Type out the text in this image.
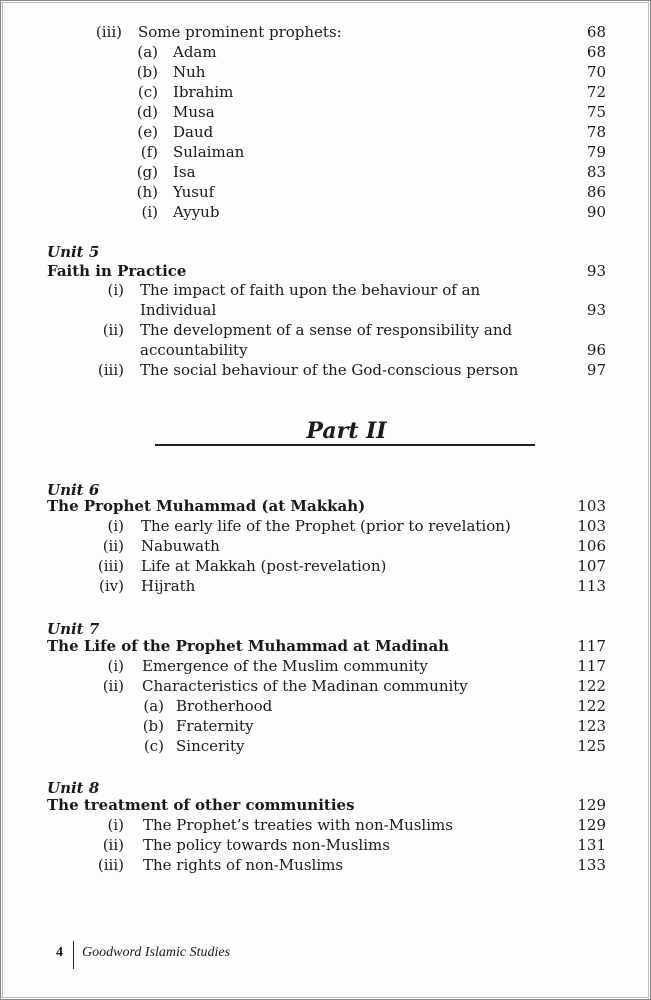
(iii) Some prominent prophets:	68
(a) Adam	68
(b) Nuh	70
(c) Ibrahim	72
(d) Musa	75
(e) Daud	78
(f) Sulaiman	79
(g) Isa	83
(h) Yusuf	86
(i) Ayyub	90
Unit 5
Faith in Practice	93
(i) The impact of faith upon the behaviour of an
Individual	93
(ii) The development of a sense of responsibility and
accountability	96
(iii) The social behaviour of the God-conscious person	97
Part II
Unit 6
The Prophet Muhammad (at Makkah)	103
(i) The early life of the Prophet (prior to revelation)	103
(ii) Nabuwath	106
(iii) Life at Makkah (post-revelation)	107
(iv) Hijrath	113
Unit 7
The Life of the Prophet Muhammad at Madinah	117
(i) Emergence of the Muslim community	117
(ii) Characteristics of the Madinan community	122
(a) Brotherhood	122
(b) Fraternity	123
(c) Sincerity	125
Unit 8
The treatment of other communities	129
(i) The Prophet’s treaties with non-Muslims	129
(ii) The policy towards non-Muslims	131
(iii) The rights of non-Muslims	133
4 Goodword Islamic Studies
